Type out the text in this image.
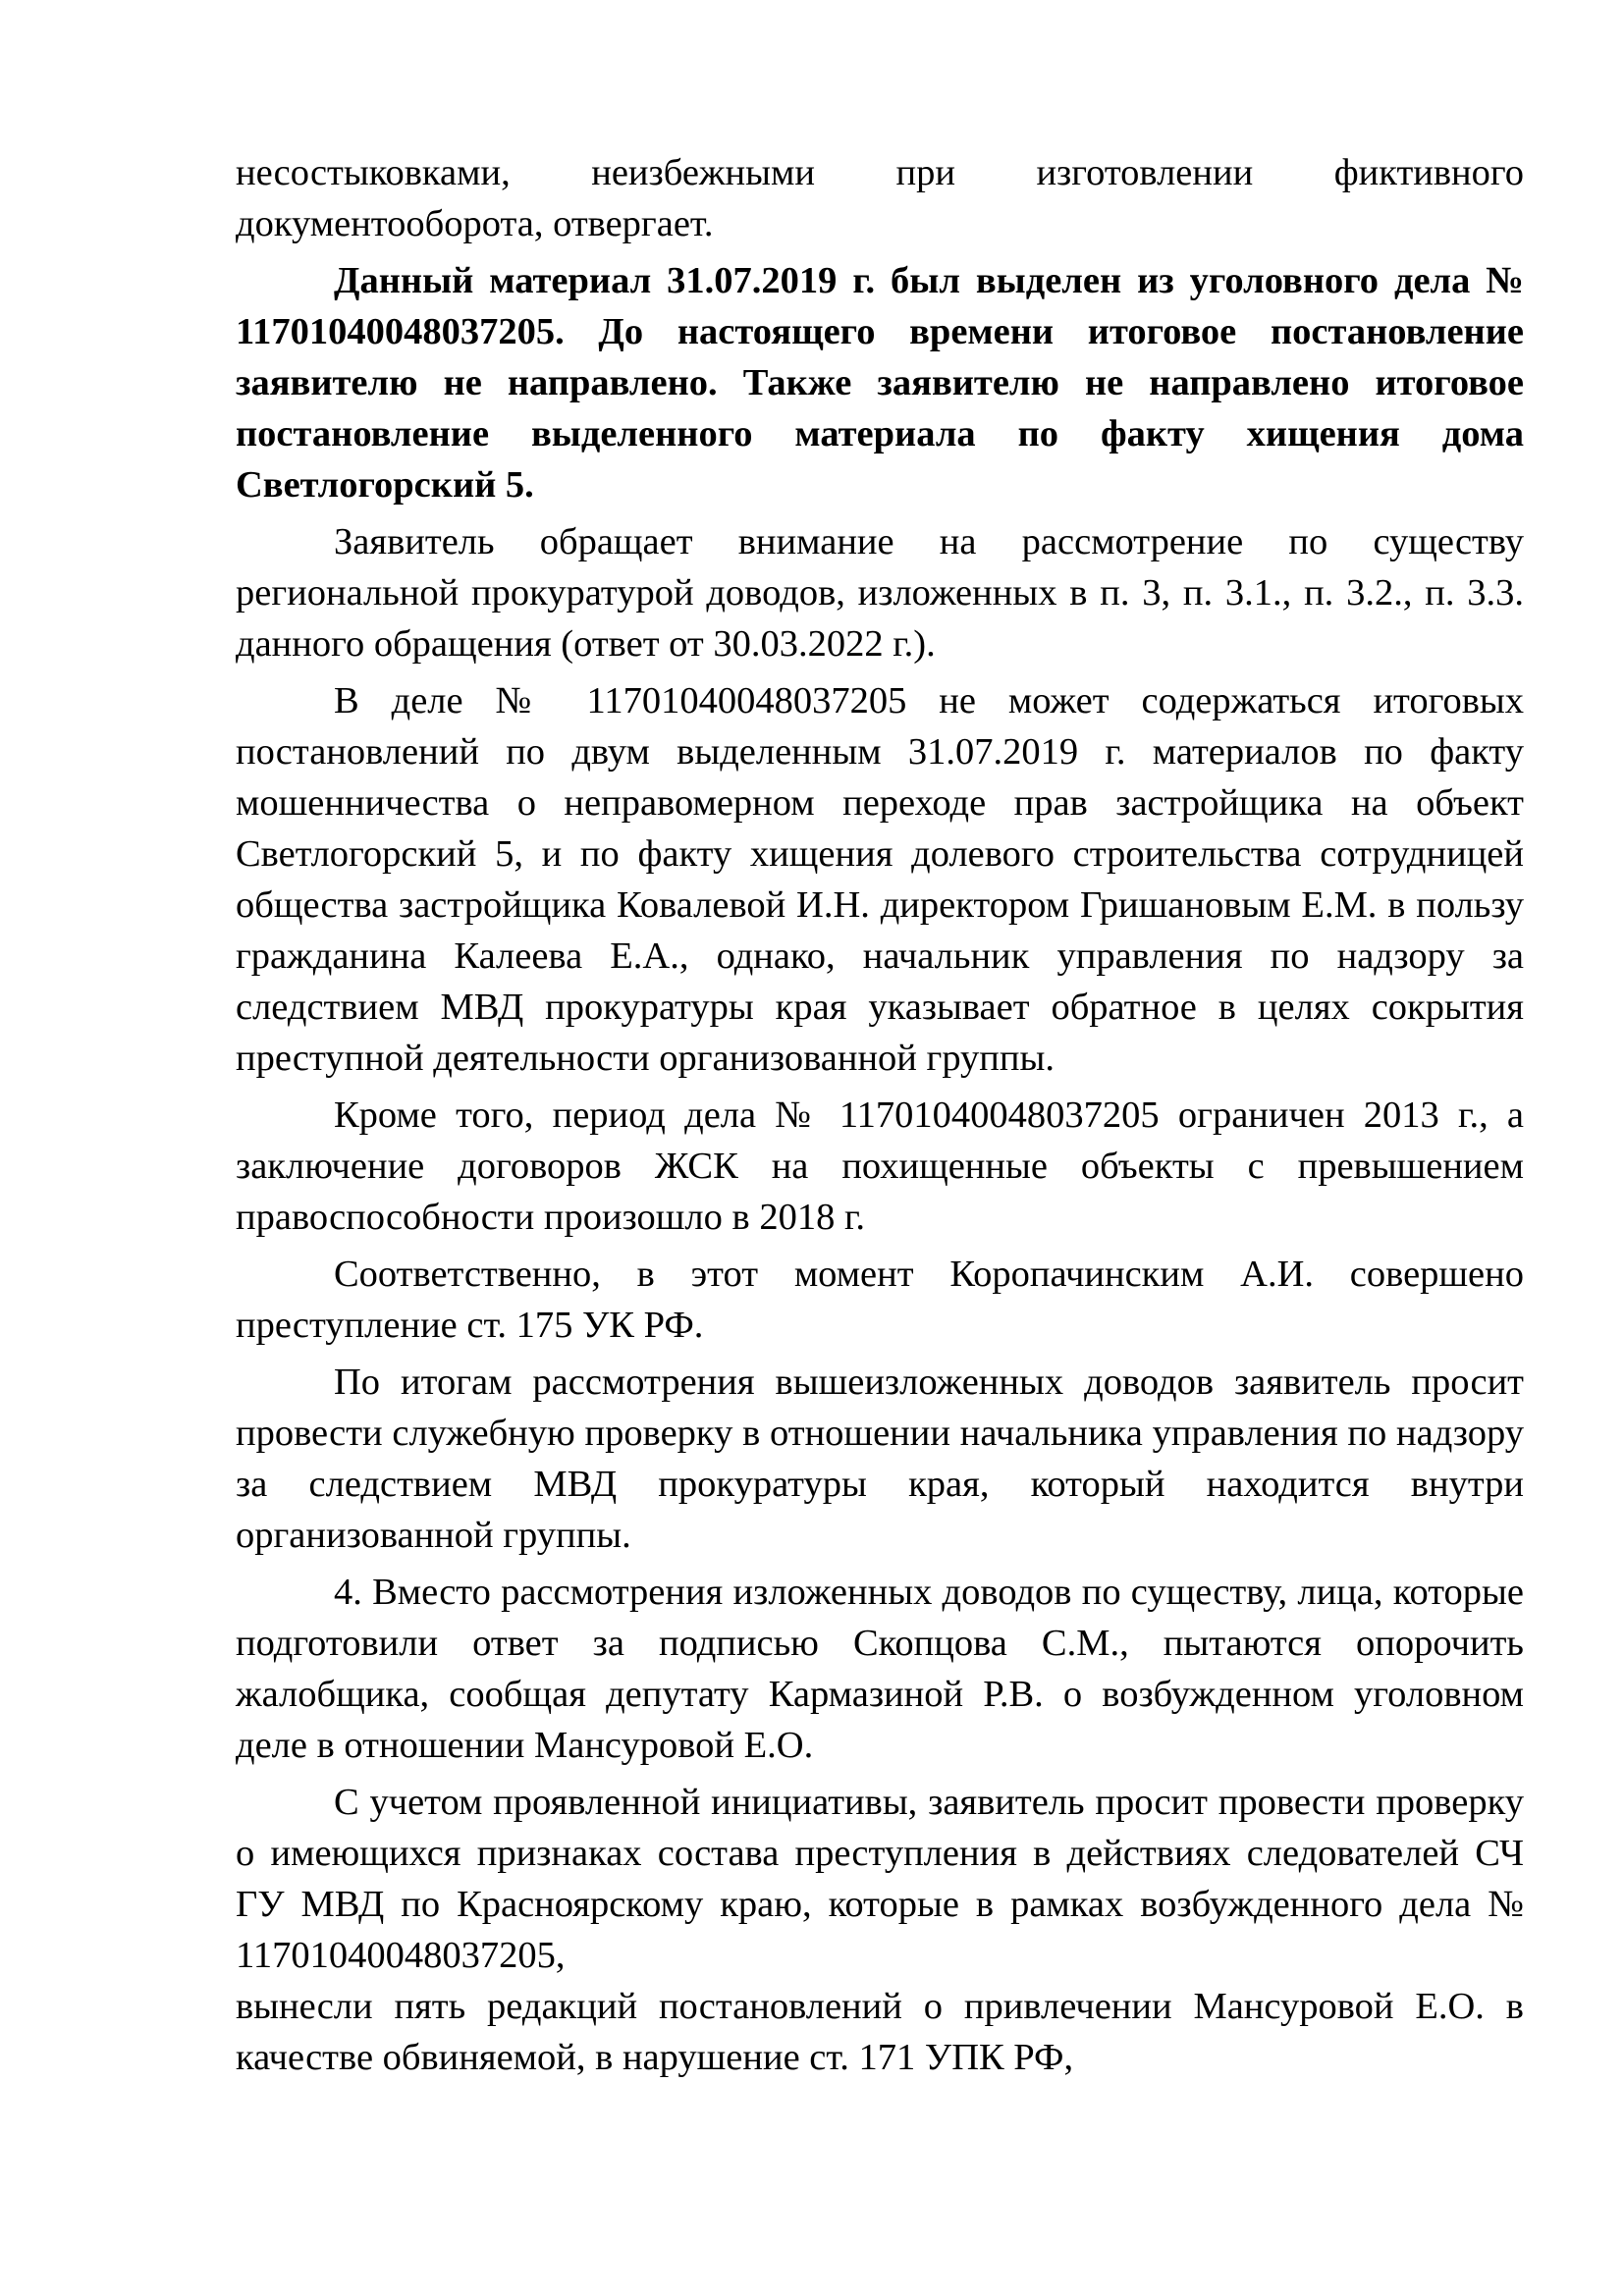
несостыковками, неизбежными при изготовлении фиктивного документооборота, отвергает.

Данный материал 31.07.2019 г. был выделен из уголовного дела № 11701040048037205. До настоящего времени итоговое постановление заявителю не направлено. Также заявителю не направлено итоговое постановление выделенного материала по факту хищения дома Светлогорский 5.

Заявитель обращает внимание на рассмотрение по существу региональной прокуратурой доводов, изложенных в п. 3, п. 3.1., п. 3.2., п. 3.3. данного обращения (ответ от 30.03.2022 г.).

В деле № 11701040048037205 не может содержаться итоговых постановлений по двум выделенным 31.07.2019 г. материалов по факту мошенничества о неправомерном переходе прав застройщика на объект Светлогорский 5, и по факту хищения долевого строительства сотрудницей общества застройщика Ковалевой И.Н. директором Гришановым Е.М. в пользу гражданина Калеева Е.А., однако, начальник управления по надзору за следствием МВД прокуратуры края указывает обратное в целях сокрытия преступной деятельности организованной группы.

Кроме того, период дела № 11701040048037205 ограничен 2013 г., а заключение договоров ЖСК на похищенные объекты с превышением правоспособности произошло в 2018 г.

Соответственно, в этот момент Коропачинским А.И. совершено преступление ст. 175 УК РФ.

По итогам рассмотрения вышеизложенных доводов заявитель просит провести служебную проверку в отношении начальника управления по надзору за следствием МВД прокуратуры края, который находится внутри организованной группы.

4. Вместо рассмотрения изложенных доводов по существу, лица, которые подготовили ответ за подписью Скопцова С.М., пытаются опорочить жалобщика, сообщая депутату Кармазиной Р.В. о возбужденном уголовном деле в отношении Мансуровой Е.О.

С учетом проявленной инициативы, заявитель просит провести проверку о имеющихся признаках состава преступления в действиях следователей СЧ ГУ МВД по Красноярскому краю, которые в рамках возбужденного дела № 11701040048037205,

вынесли пять редакций постановлений о привлечении Мансуровой Е.О. в качестве обвиняемой, в нарушение ст. 171 УПК РФ,
